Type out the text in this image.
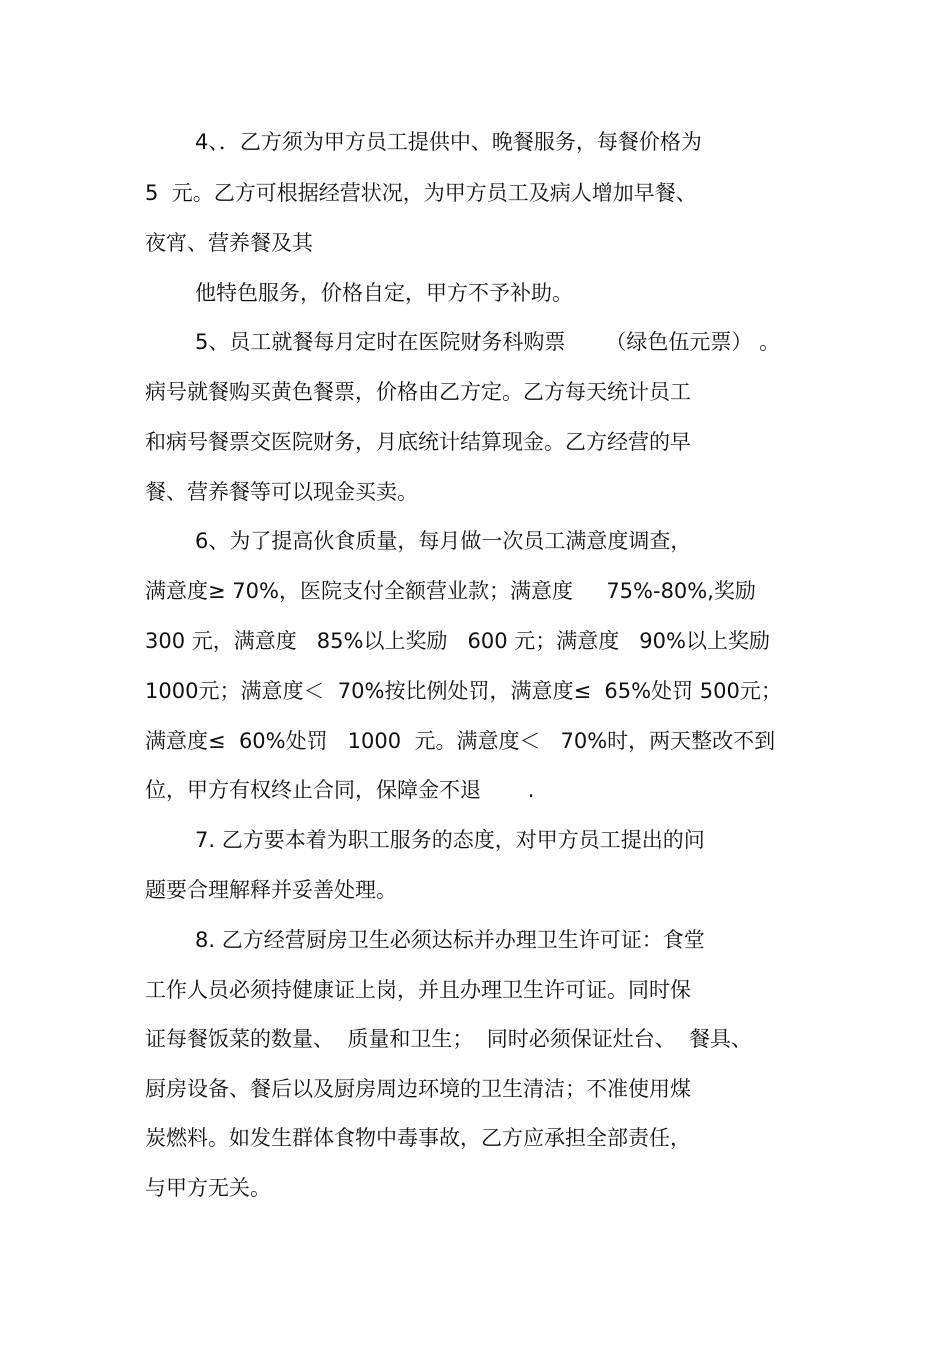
4、．乙方须为甲方员工提供中、晚餐服务，每餐价格为
5  元。乙方可根据经营状况，为甲方员工及病人增加早餐、
夜宵、营养餐及其
他特色服务，价格自定，甲方不予补助。
5、员工就餐每月定时在医院财务科购票      （绿色伍元票） 。
病号就餐购买黄色餐票，价格由乙方定。乙方每天统计员工
和病号餐票交医院财务，月底统计结算现金。乙方经营的早
餐、营养餐等可以现金买卖。
6、为了提高伙食质量，每月做一次员工满意度调查，
满意度≥ 70%，医院支付全额营业款；满意度     75%-80%,奖励
300 元，满意度   85%以上奖励   600 元；满意度   90%以上奖励
1000元；满意度＜  70%按比例处罚，满意度≤  65%处罚 500元；
满意度≤  60%处罚   1000  元。满意度＜   70%时，两天整改不到
位，甲方有权终止合同，保障金不退       .
7. 乙方要本着为职工服务的态度，对甲方员工提出的问
题要合理解释并妥善处理。
8. 乙方经营厨房卫生必须达标并办理卫生许可证：食堂
工作人员必须持健康证上岗，并且办理卫生许可证。同时保
证每餐饭菜的数量、  质量和卫生；  同时必须保证灶台、  餐具、
厨房设备、餐后以及厨房周边环境的卫生清洁；不准使用煤
炭燃料。如发生群体食物中毒事故，乙方应承担全部责任，
与甲方无关。
